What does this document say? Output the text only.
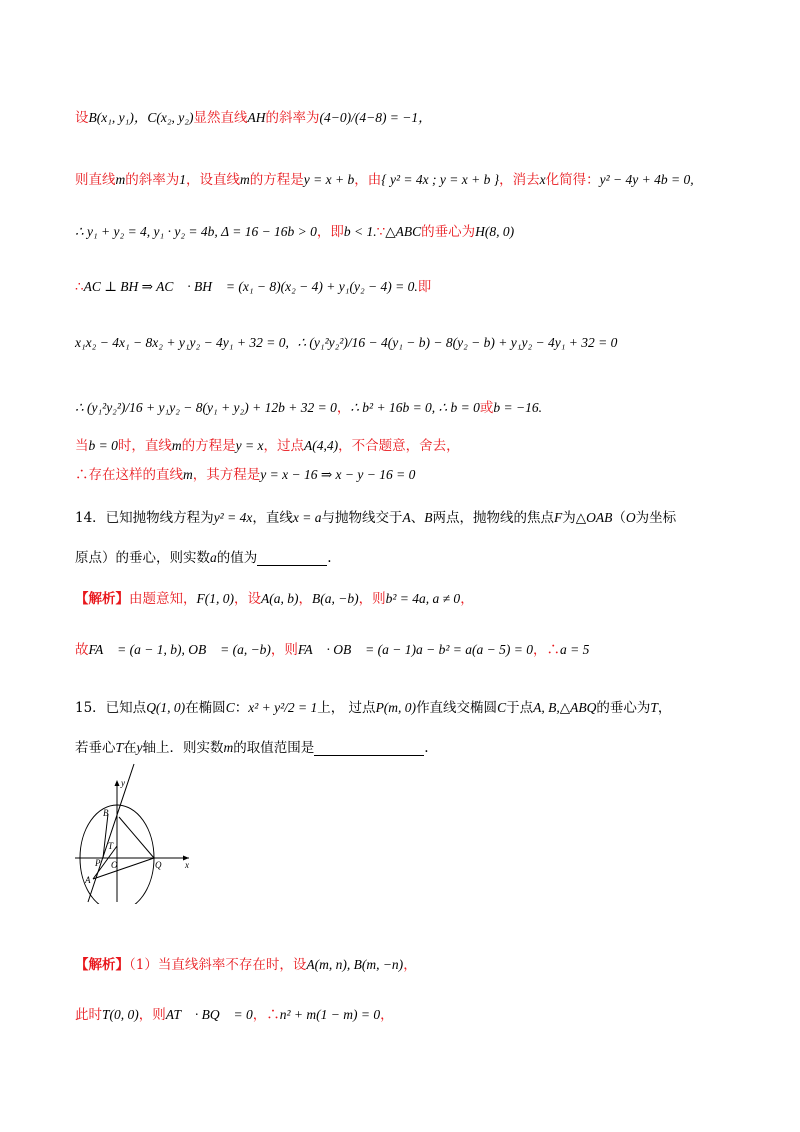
设B(x₁, y₁)，C(x₂, y₂)显然直线AH的斜率为(4−0)/(4−8) = −1，
则直线m的斜率为1，设直线m的方程是y = x + b，由{ y² = 4x ; y = x + b }，消去x化简得：y² − 4y + 4b = 0,
∴ y₁ + y₂ = 4, y₁ · y₂ = 4b, Δ = 16 − 16b > 0，即b < 1.∵△ABC的垂心为H(8, 0)
∴AC ⊥ BH ⇒ AC⃗ · BH⃗ = (x₁ − 8)(x₂ − 4) + y₁(y₂ − 4) = 0.即
x₁x₂ − 4x₁ − 8x₂ + y₁y₂ − 4y₁ + 32 = 0, ∴ (y₁²y₂²)/16 − 4(y₁ − b) − 8(y₂ − b) + y₁y₂ − 4y₁ + 32 = 0
∴ (y₁²y₂²)/16 + y₁y₂ − 8(y₁ + y₂) + 12b + 32 = 0，∴ b² + 16b = 0, ∴ b = 0或b = −16.
当b = 0时，直线m的方程是y = x，过点A(4,4)，不合题意，舍去，
∴存在这样的直线m，其方程是y = x − 16 ⇒ x − y − 16 = 0
14．已知抛物线方程为y² = 4x，直线x = a与抛物线交于A、B两点，抛物线的焦点F为△OAB（O为坐标
原点）的垂心，则实数a的值为	.
【解析】由题意知，F(1, 0)，设A(a, b)，B(a, −b)，则b² = 4a, a ≠ 0，
故FA⃗ = (a − 1, b), OB⃗ = (a, −b)，则FA⃗ · OB⃗ = (a − 1)a − b² = a(a − 5) = 0，∴a = 5
15．已知点Q(1, 0)在椭圆C：x² + y²/2 = 1上， 过点P(m, 0)作直线交椭圆C于点A, B,△ABQ的垂心为T，
若垂心T在y轴上．则实数m的取值范围是	.
y
x
B
T
P O	Q
A
【解析】（1）当直线斜率不存在时，设A(m, n), B(m, −n)，
此时T(0, 0)，则AT⃗ · BQ⃗ = 0，∴n² + m(1 − m) = 0，
